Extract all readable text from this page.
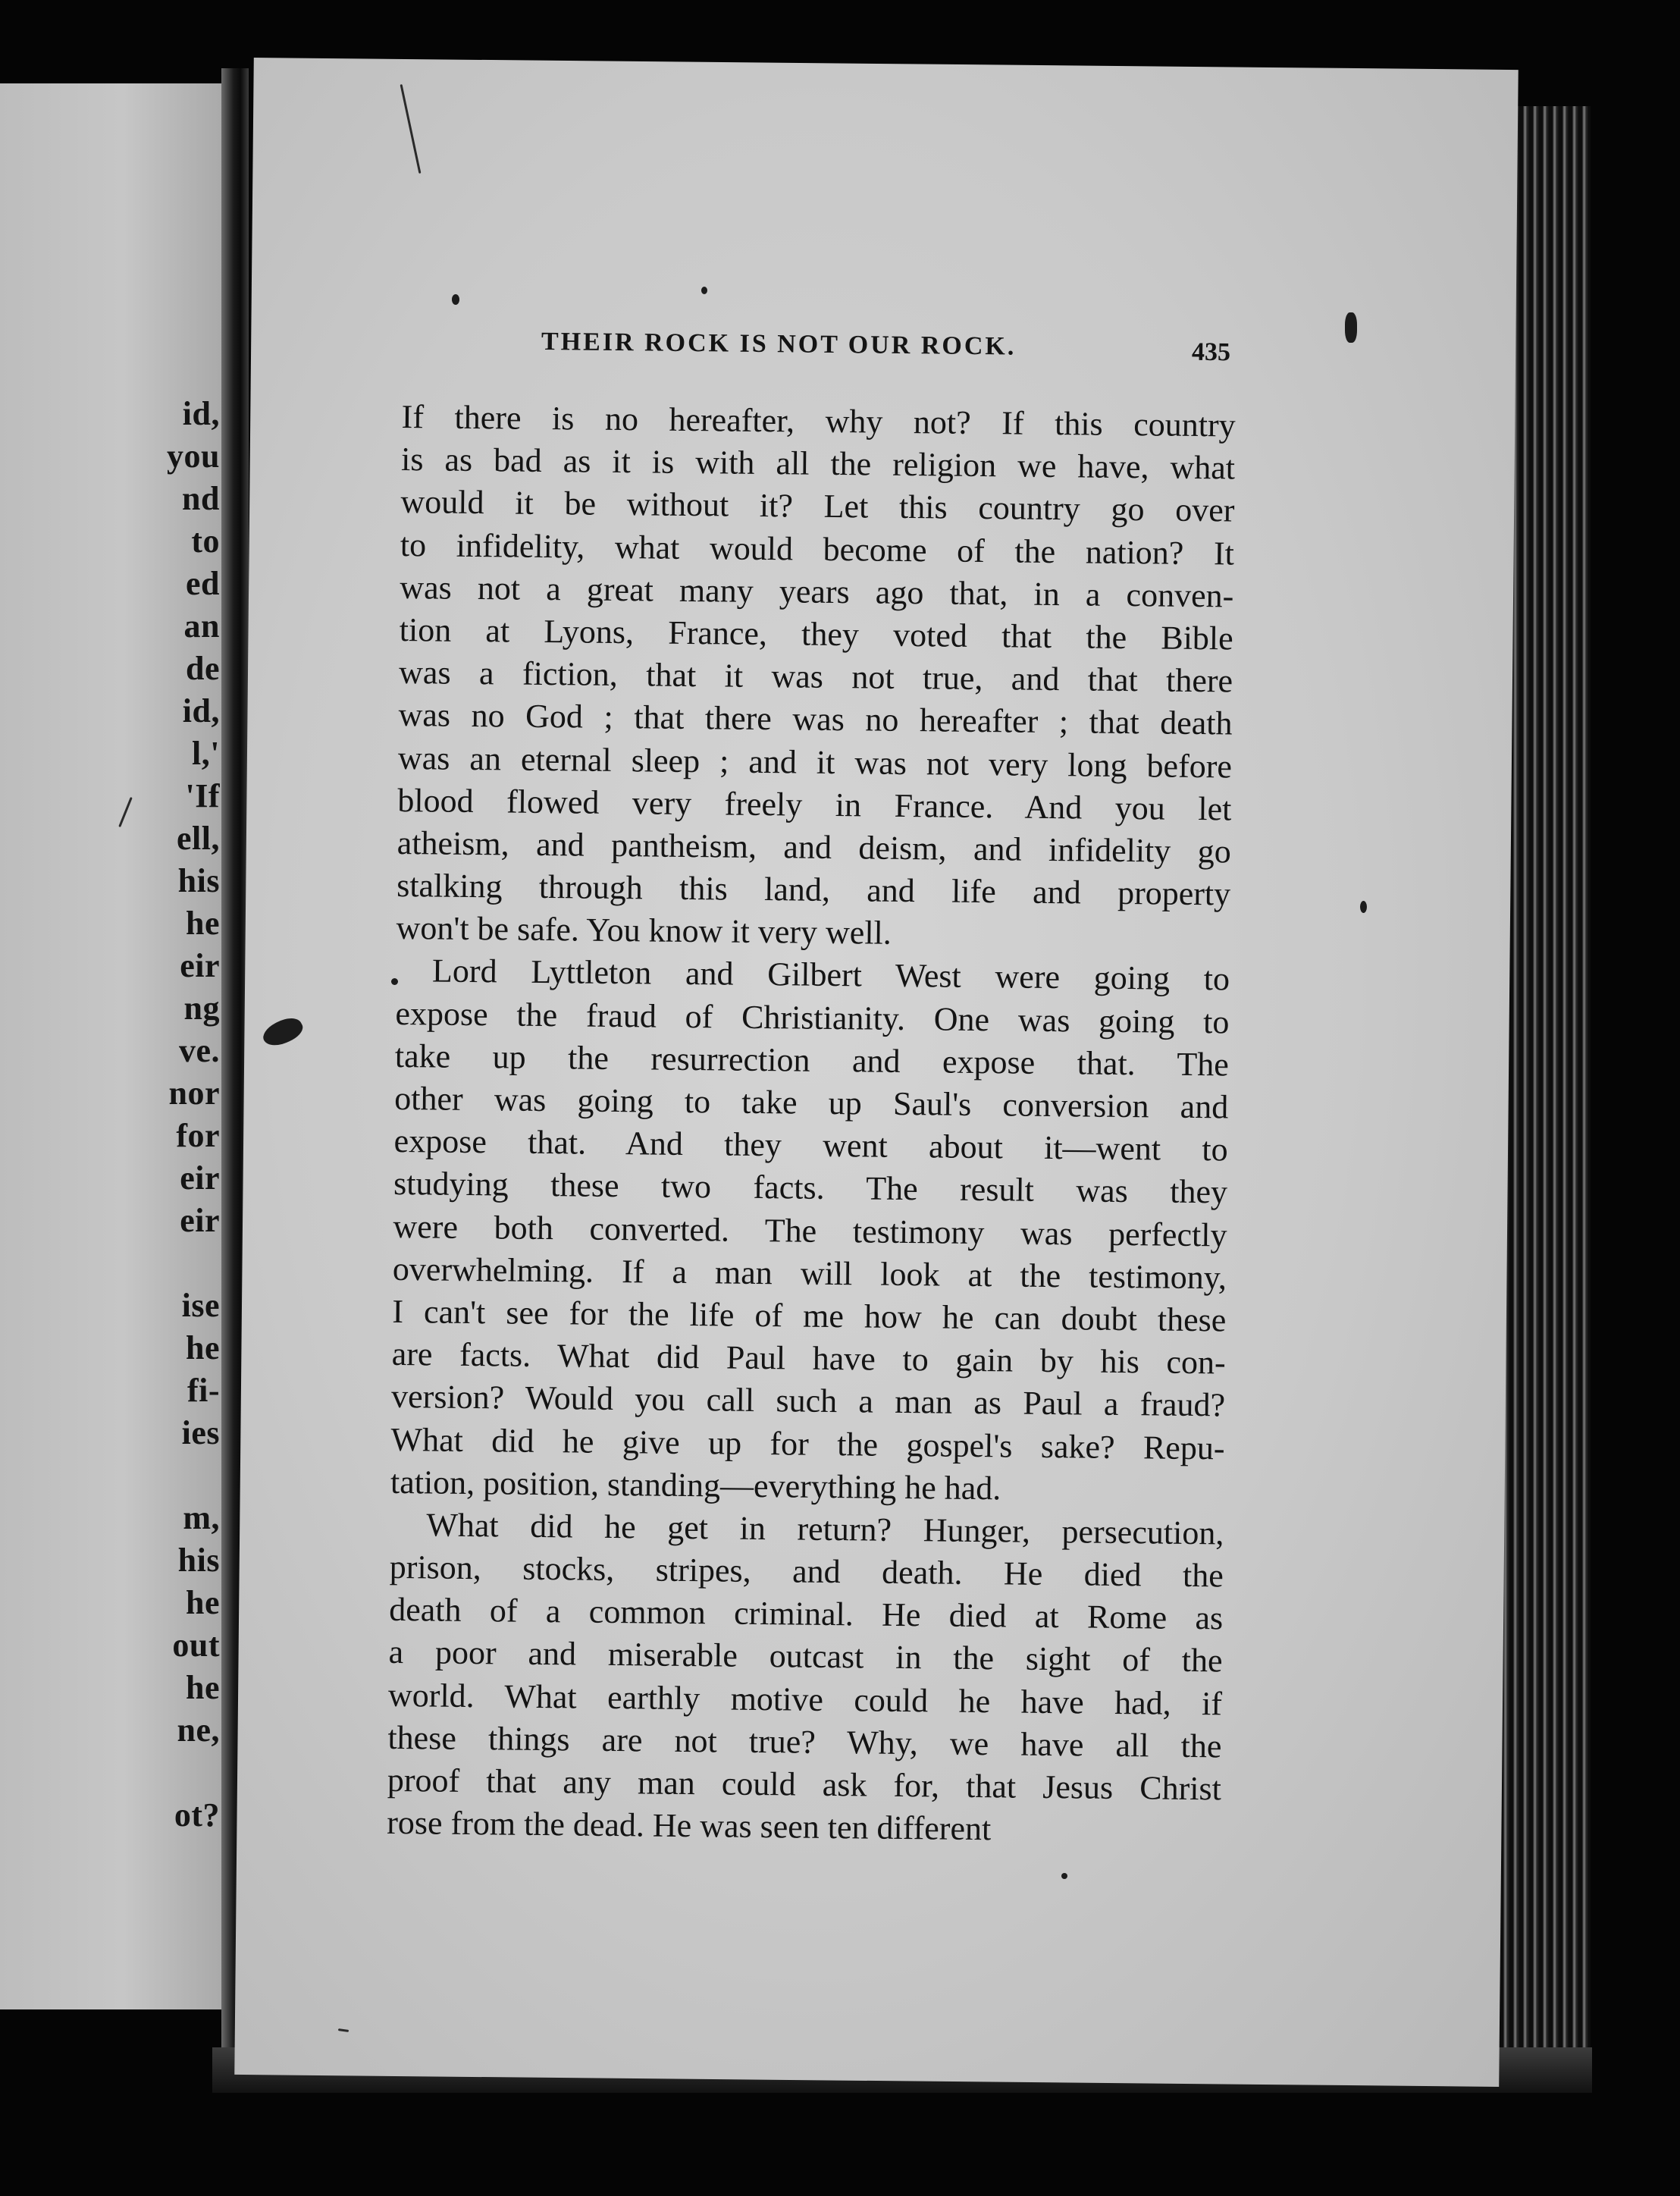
id,
you
nd
to
ed
an
de
id,
l,'
'If
ell,
his
he
eir
ng
ve.
nor
for
eir
eir
ise
he
fi-
ies
m,
his
he
out
he
ne,
ot?
THEIR ROCK IS NOT OUR ROCK.	435
If there is no hereafter, why not? If this country
is as bad as it is with all the religion we have, what
would it be without it? Let this country go over
to infidelity, what would become of the nation? It
was not a great many years ago that, in a conven-
tion at Lyons, France, they voted that the Bible
was a fiction, that it was not true, and that there
was no God ; that there was no hereafter ; that death
was an eternal sleep ; and it was not very long before
blood flowed very freely in France. And you let
atheism, and pantheism, and deism, and infidelity go
stalking through this land, and life and property
won't be safe. You know it very well.
Lord Lyttleton and Gilbert West were going to
expose the fraud of Christianity. One was going to
take up the resurrection and expose that. The
other was going to take up Saul's conversion and
expose that. And they went about it—went to
studying these two facts. The result was they
were both converted. The testimony was perfectly
overwhelming. If a man will look at the testimony,
I can't see for the life of me how he can doubt these
are facts. What did Paul have to gain by his con-
version? Would you call such a man as Paul a fraud?
What did he give up for the gospel's sake? Repu-
tation, position, standing—everything he had.
What did he get in return? Hunger, persecution,
prison, stocks, stripes, and death. He died the
death of a common criminal. He died at Rome as
a poor and miserable outcast in the sight of the
world. What earthly motive could he have had, if
these things are not true? Why, we have all the
proof that any man could ask for, that Jesus Christ
rose from the dead. He was seen ten different
